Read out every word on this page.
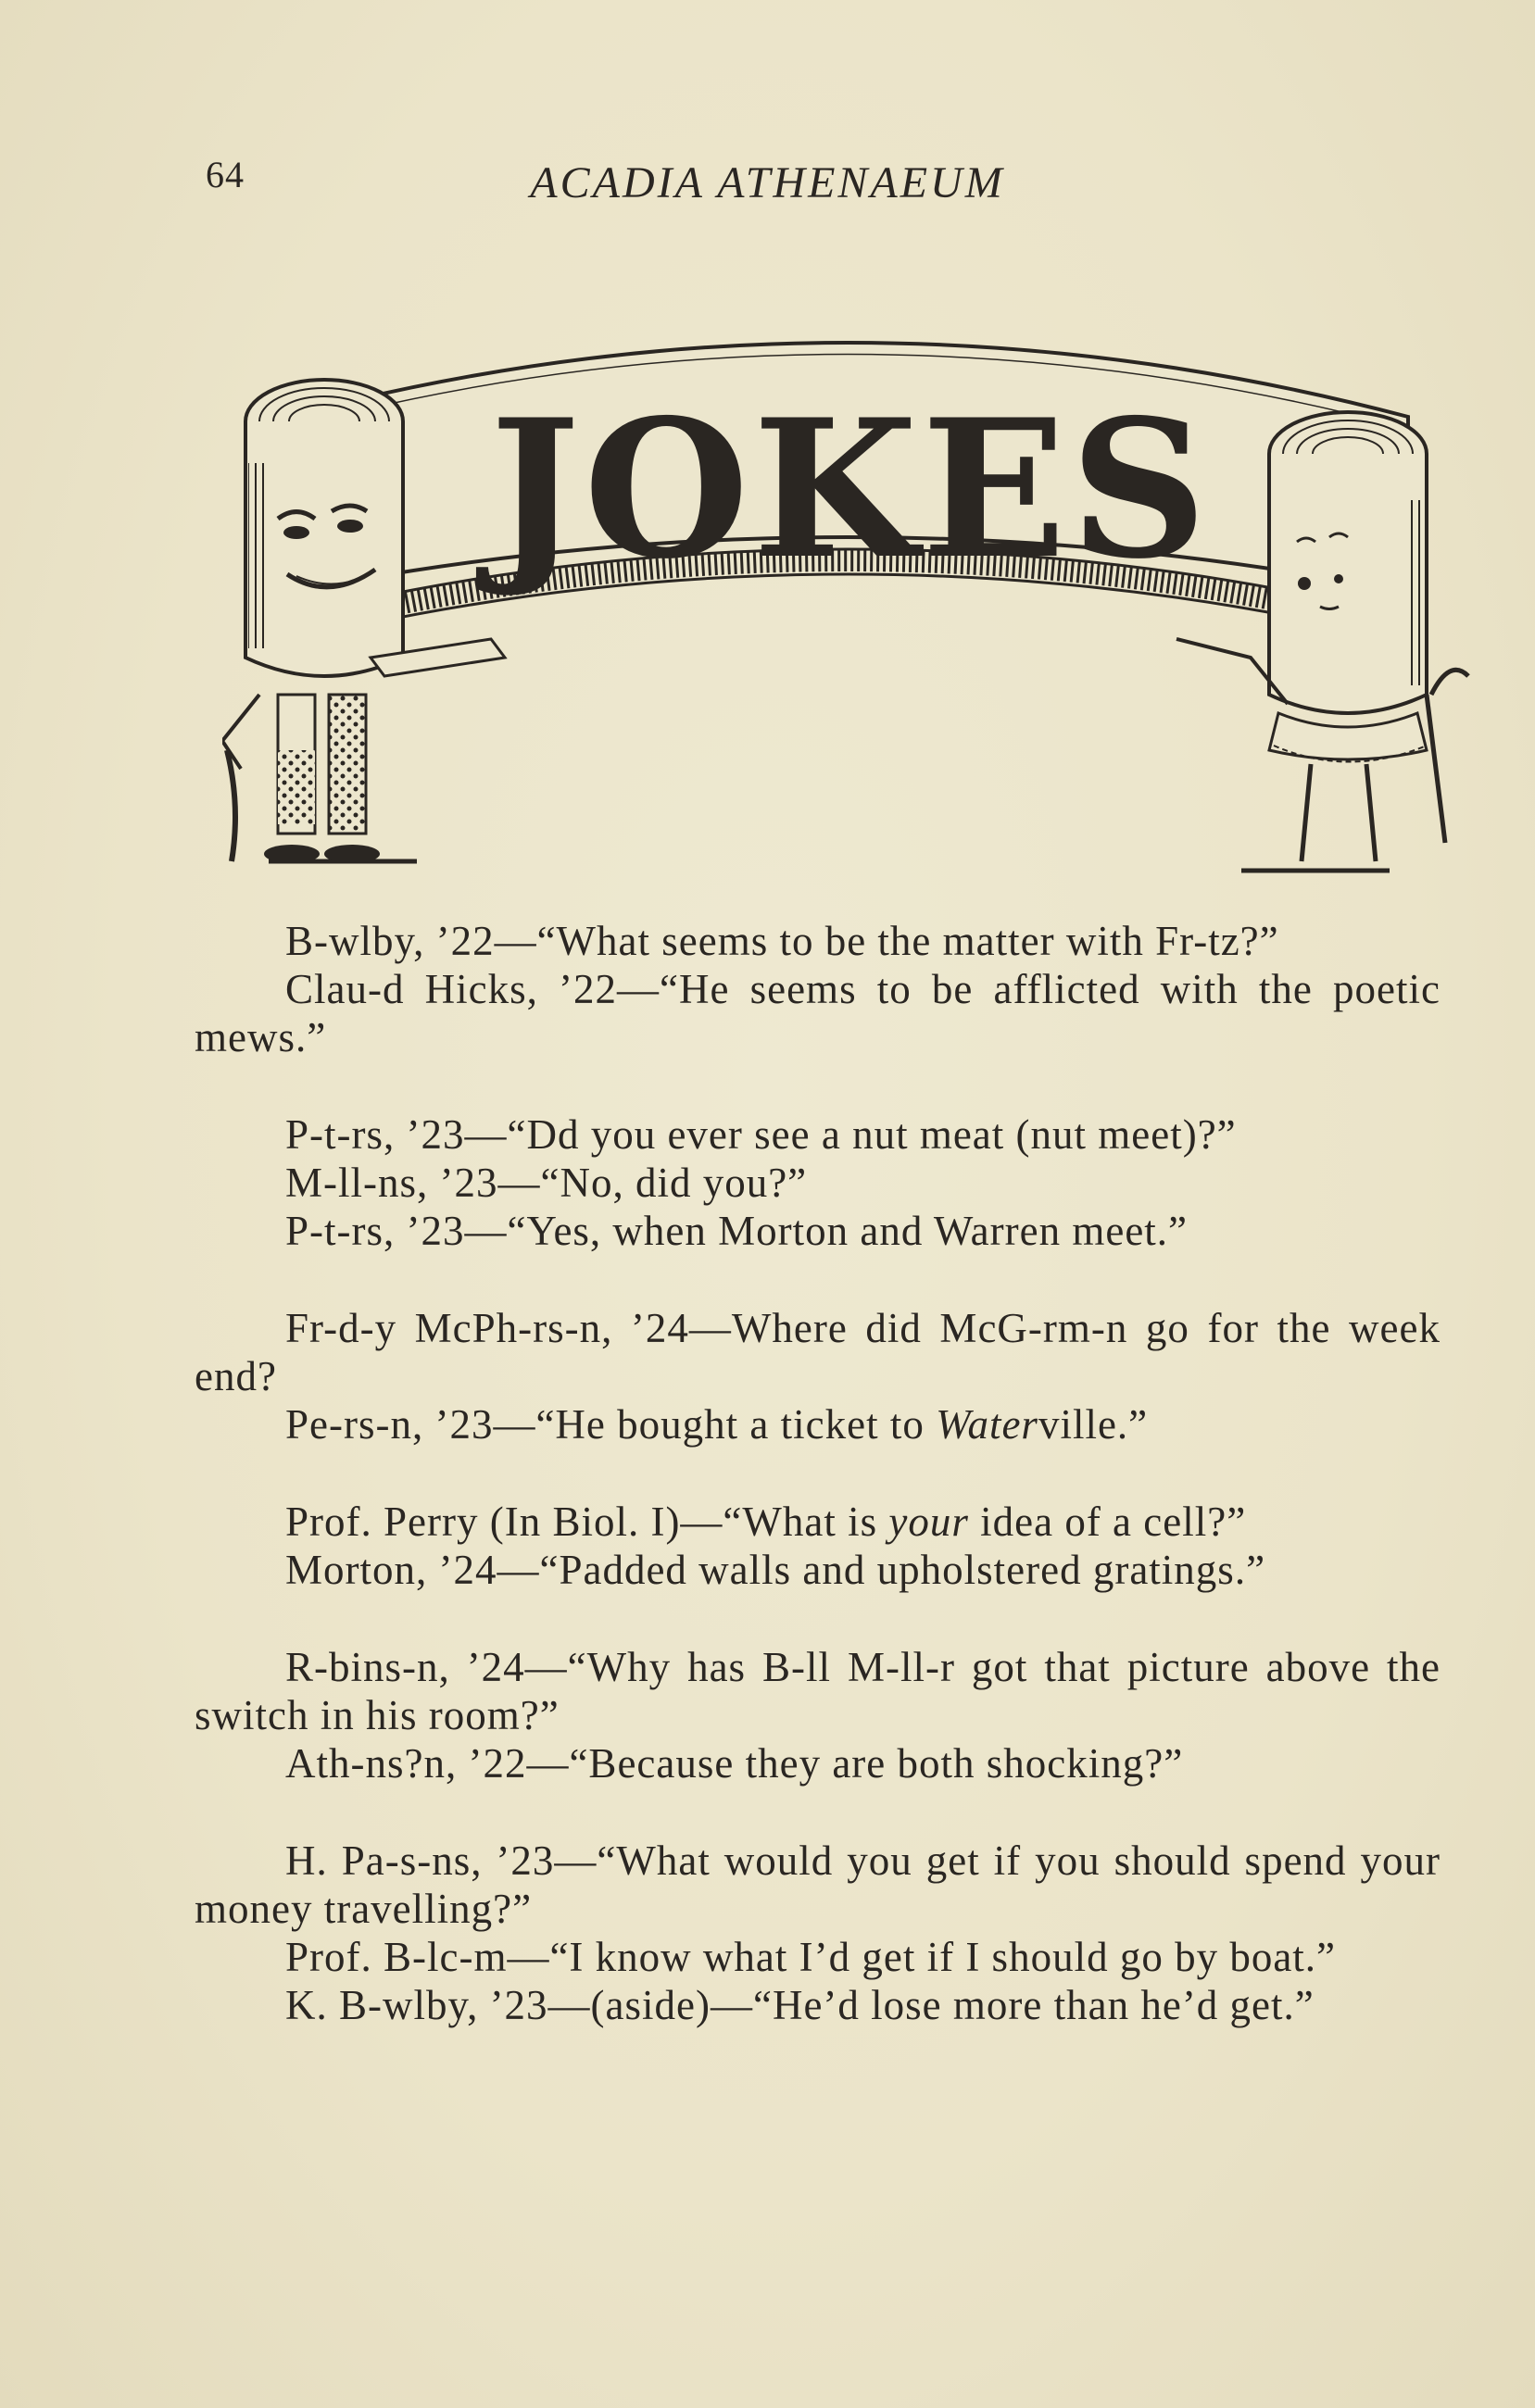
64	ACADIA ATHENAEUM
JOKES

B-wlby, ’22—“What seems to be the matter with Fr-tz?”

Clau-d Hicks, ’22—“He seems to be afflicted with the poetic mews.”

P-t-rs, ’23—“Dd you ever see a nut meat (nut meet)?”

M-ll-ns, ’23—“No, did you?”

P-t-rs, ’23—“Yes, when Morton and Warren meet.”

Fr-d-y McPh-rs-n, ’24—Where did McG-rm-n go for the week end?

Pe-rs-n, ’23—“He bought a ticket to Waterville.”

Prof. Perry (In Biol. I)—“What is your idea of a cell?”

Morton, ’24—“Padded walls and upholstered gratings.”

R-bins-n, ’24—“Why has B-ll M-ll-r got that picture above the switch in his room?”

Ath-ns?n, ’22—“Because they are both shocking?”

H. Pa-s-ns, ’23—“What would you get if you should spend your money travelling?”

Prof. B-lc-m—“I know what I’d get if I should go by boat.”

K. B-wlby, ’23—(aside)—“He’d lose more than he’d get.”
